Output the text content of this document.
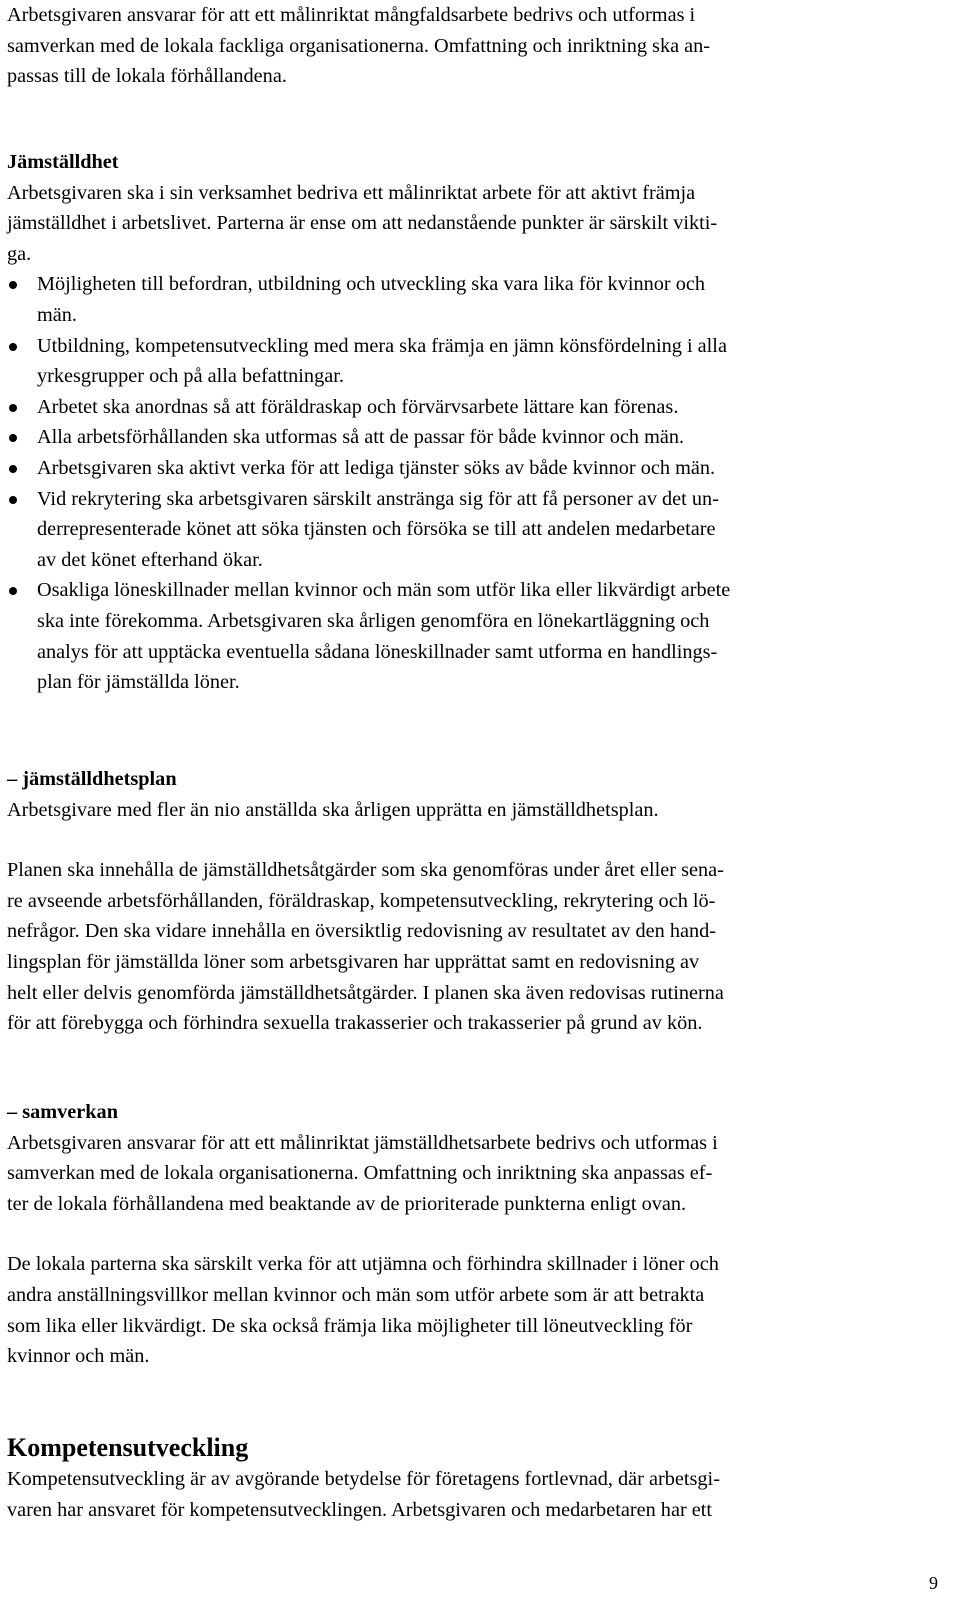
Arbetsgivaren ansvarar för att ett målinriktat mångfaldsarbete bedrivs och utformas i

samverkan med de lokala fackliga organisationerna. Omfattning och inriktning ska an-

passas till de lokala förhållandena.

Jämställdhet

Arbetsgivaren ska i sin verksamhet bedriva ett målinriktat arbete för att aktivt främja

jämställdhet i arbetslivet. Parterna är ense om att nedanstående punkter är särskilt vikti-

ga.

Möjligheten till befordran, utbildning och utveckling ska vara lika för kvinnor och
män.
Utbildning, kompetensutveckling med mera ska främja en jämn könsfördelning i alla
yrkesgrupper och på alla befattningar.
Arbetet ska anordnas så att föräldraskap och förvärvsarbete lättare kan förenas.
Alla arbetsförhållanden ska utformas så att de passar för både kvinnor och män.
Arbetsgivaren ska aktivt verka för att lediga tjänster söks av både kvinnor och män.
Vid rekrytering ska arbetsgivaren särskilt anstränga sig för att få personer av det un-
derrepresenterade könet att söka tjänsten och försöka se till att andelen medarbetare
av det könet efterhand ökar.
Osakliga löneskillnader mellan kvinnor och män som utför lika eller likvärdigt arbete
ska inte förekomma. Arbetsgivaren ska årligen genomföra en lönekartläggning och
analys för att upptäcka eventuella sådana löneskillnader samt utforma en handlings-
plan för jämställda löner.

– jämställdhetsplan

Arbetsgivare med fler än nio anställda ska årligen upprätta en jämställdhetsplan.

Planen ska innehålla de jämställdhetsåtgärder som ska genomföras under året eller sena-

re avseende arbetsförhållanden, föräldraskap, kompetensutveckling, rekrytering och lö-

nefrågor. Den ska vidare innehålla en översiktlig redovisning av resultatet av den hand-

lingsplan för jämställda löner som arbetsgivaren har upprättat samt en redovisning av

helt eller delvis genomförda jämställdhetsåtgärder. I planen ska även redovisas rutinerna

för att förebygga och förhindra sexuella trakasserier och trakasserier på grund av kön.

– samverkan

Arbetsgivaren ansvarar för att ett målinriktat jämställdhetsarbete bedrivs och utformas i

samverkan med de lokala organisationerna. Omfattning och inriktning ska anpassas ef-

ter de lokala förhållandena med beaktande av de prioriterade punkterna enligt ovan.

De lokala parterna ska särskilt verka för att utjämna och förhindra skillnader i löner och

andra anställningsvillkor mellan kvinnor och män som utför arbete som är att betrakta

som lika eller likvärdigt. De ska också främja lika möjligheter till löneutveckling för

kvinnor och män.

Kompetensutveckling

Kompetensutveckling är av avgörande betydelse för företagens fortlevnad, där arbetsgi-

varen har ansvaret för kompetensutvecklingen. Arbetsgivaren och medarbetaren har ett

9
